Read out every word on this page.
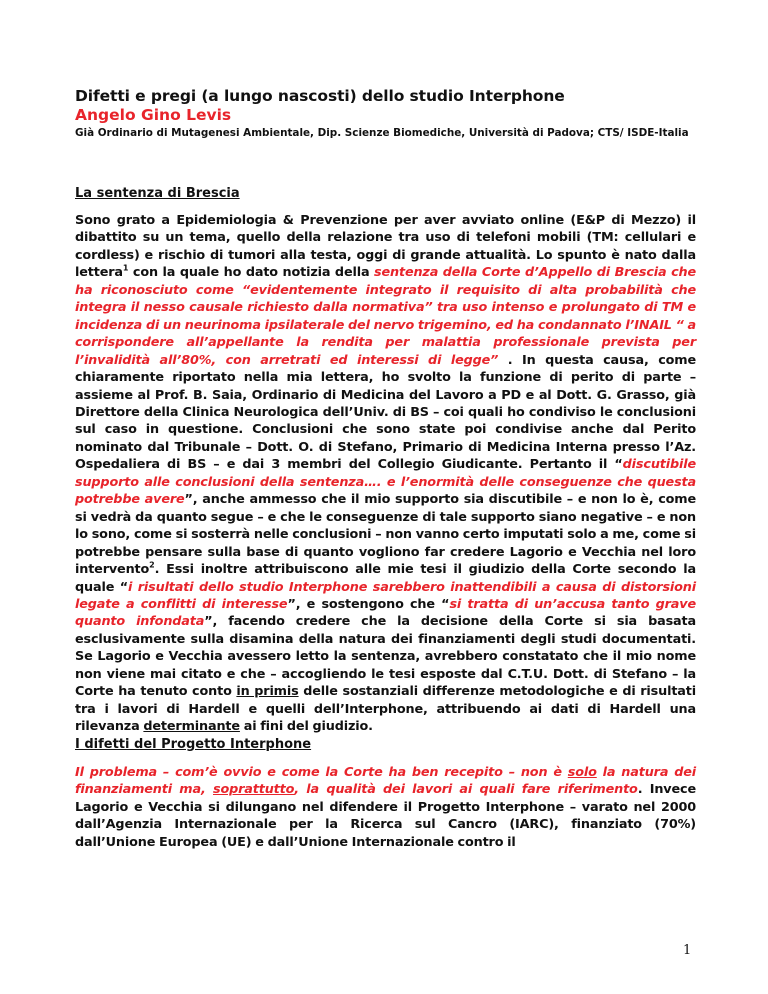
Difetti e pregi (a lungo nascosti) dello studio Interphone
Angelo Gino Levis
Già Ordinario di Mutagenesi Ambientale, Dip. Scienze Biomediche, Università di Padova; CTS/ ISDE-Italia
La sentenza di Brescia
Sono grato a Epidemiologia & Prevenzione per aver avviato online (E&P di Mezzo) il dibattito su un tema, quello della relazione tra uso di telefoni mobili (TM: cellulari e cordless) e rischio di tumori alla testa, oggi di grande attualità. Lo spunto è nato dalla lettera$^1$ con la quale ho dato notizia della sentenza della Corte d’Appello di Brescia che ha riconosciuto come “evidentemente integrato il requisito di alta probabilità che integra il nesso causale richiesto dalla normativa” tra uso intenso e prolungato di TM e incidenza di un neurinoma ipsilaterale del nervo trigemino, ed ha condannato l’INAIL “ a corrispondere all’appellante la rendita per malattia professionale prevista per l’invalidità all’80%, con arretrati ed interessi di legge” . In questa causa, come chiaramente riportato nella mia lettera, ho svolto la funzione di perito di parte – assieme al Prof. B. Saia, Ordinario di Medicina del Lavoro a PD e al Dott. G. Grasso, già Direttore della Clinica Neurologica dell’Univ. di BS – coi quali ho condiviso le conclusioni sul caso in questione. Conclusioni che sono state poi condivise anche dal Perito nominato dal Tribunale – Dott. O. di Stefano, Primario di Medicina Interna presso l’Az. Ospedaliera di BS – e dai 3 membri del Collegio Giudicante. Pertanto il “discutibile supporto alle conclusioni della sentenza…. e l’enormità delle conseguenze che questa potrebbe avere”, anche ammesso che il mio supporto sia discutibile – e non lo è, come si vedrà da quanto segue – e che le conseguenze di tale supporto siano negative – e non lo sono, come si sosterrà nelle conclusioni – non vanno certo imputati solo a me, come si potrebbe pensare sulla base di quanto vogliono far credere Lagorio e Vecchia nel loro intervento$^2$. Essi inoltre attribuiscono alle mie tesi il giudizio della Corte secondo la quale “i risultati dello studio Interphone sarebbero inattendibili a causa di distorsioni legate a conflitti di interesse”, e sostengono che “si tratta di un’accusa tanto grave quanto infondata”, facendo credere che la decisione della Corte si sia basata esclusivamente sulla disamina della natura dei finanziamenti degli studi documentati. Se Lagorio e Vecchia avessero letto la sentenza, avrebbero constatato che il mio nome non viene mai citato e che – accogliendo le tesi esposte dal C.T.U. Dott. di Stefano – la Corte ha tenuto conto in primis delle sostanziali differenze metodologiche e di risultati tra i lavori di Hardell e quelli dell’Interphone, attribuendo ai dati di Hardell una rilevanza determinante ai fini del giudizio.
I difetti del Progetto Interphone
Il problema – com’è ovvio e come la Corte ha ben recepito – non è solo la natura dei finanziamenti ma, soprattutto, la qualità dei lavori ai quali fare riferimento. Invece Lagorio e Vecchia si dilungano nel difendere il Progetto Interphone – varato nel 2000 dall’Agenzia Internazionale per la Ricerca sul Cancro (IARC), finanziato (70%) dall’Unione Europea (UE) e dall’Unione Internazionale contro il
1
